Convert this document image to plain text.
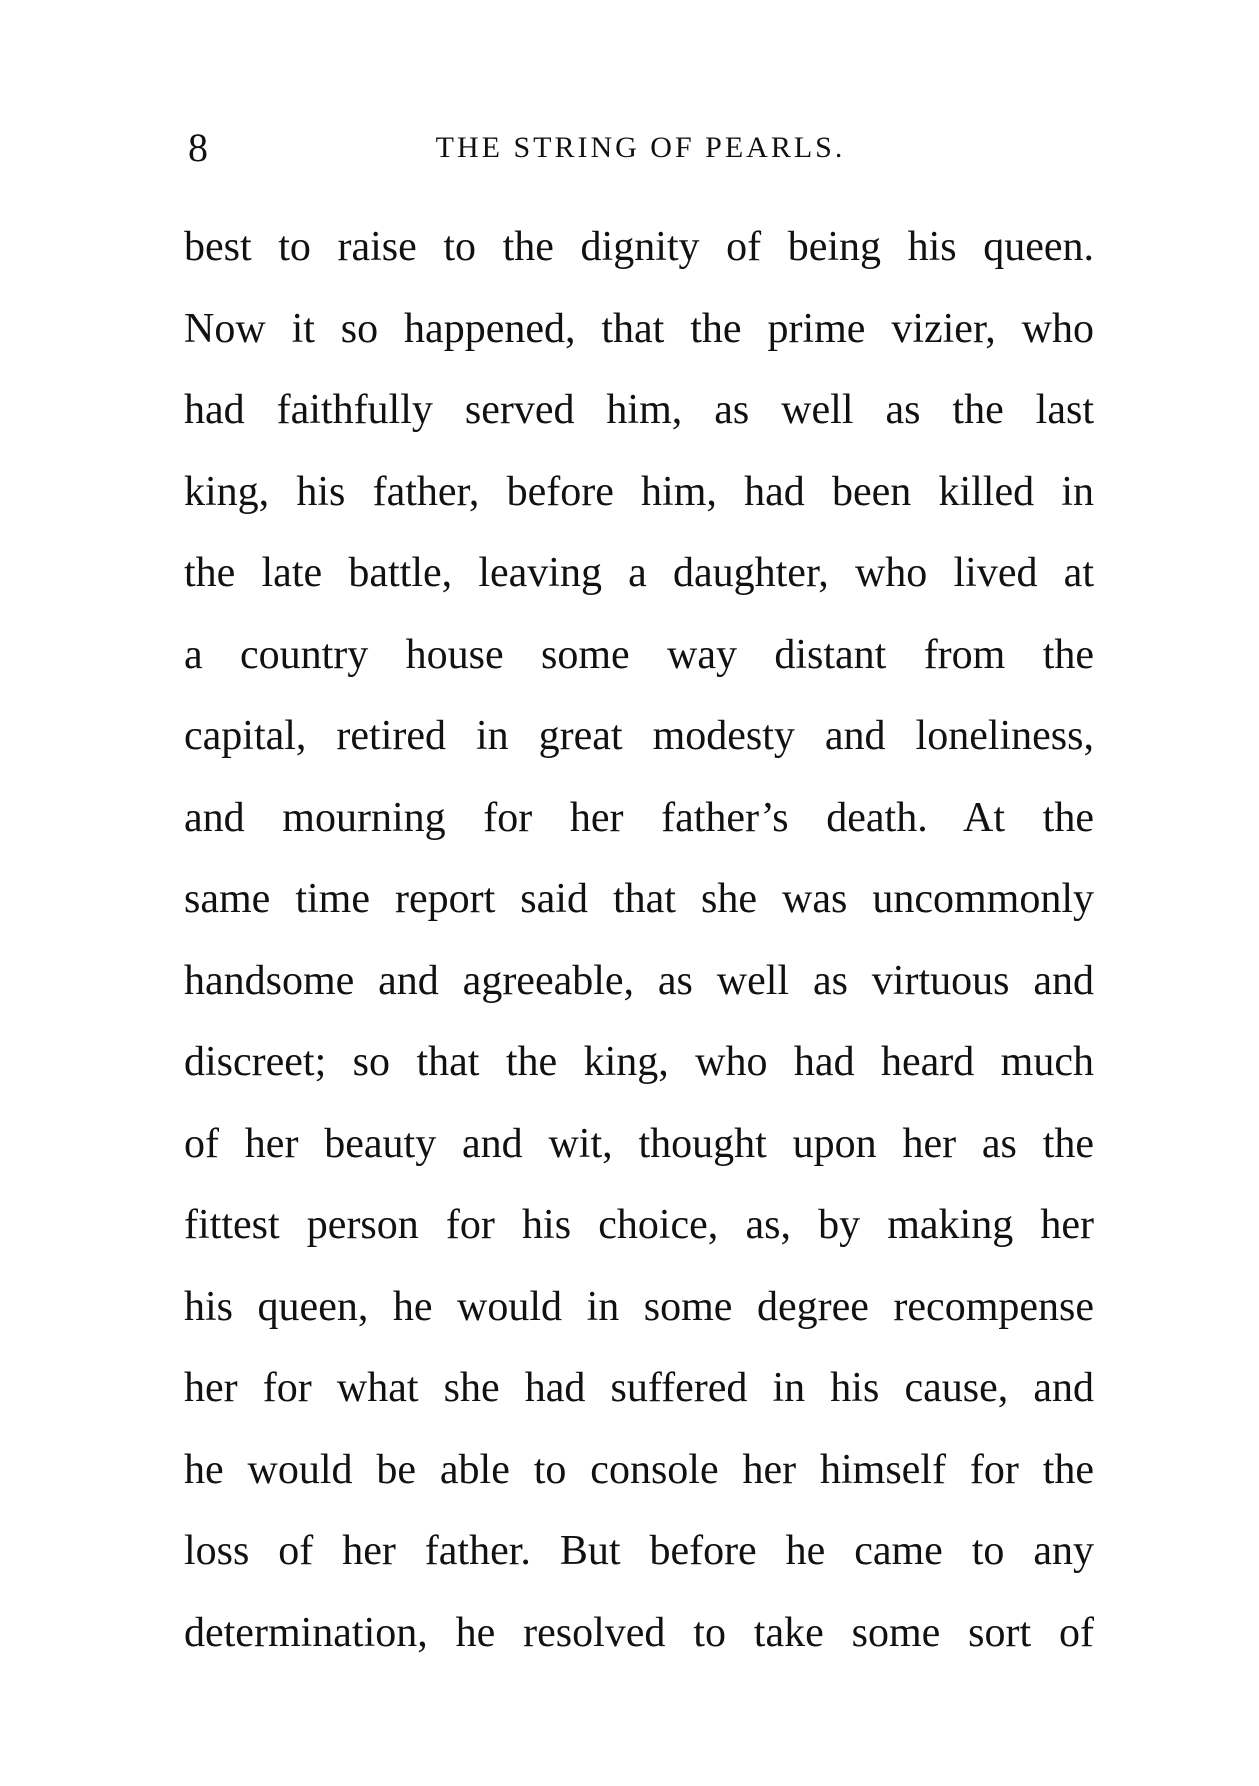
8	THE STRING OF PEARLS.
best to raise to the dignity of being his queen.
Now it so happened, that the prime vizier, who
had faithfully served him, as well as the last
king, his father, before him, had been killed in
the late battle, leaving a daughter, who lived at
a country house some way distant from the
capital, retired in great modesty and loneliness,
and mourning for her father’s death. At the
same time report said that she was uncommonly
handsome and agreeable, as well as virtuous and
discreet; so that the king, who had heard much
of her beauty and wit, thought upon her as the
fittest person for his choice, as, by making her
his queen, he would in some degree recompense
her for what she had suffered in his cause, and
he would be able to console her himself for the
loss of her father. But before he came to any
determination, he resolved to take some sort of
